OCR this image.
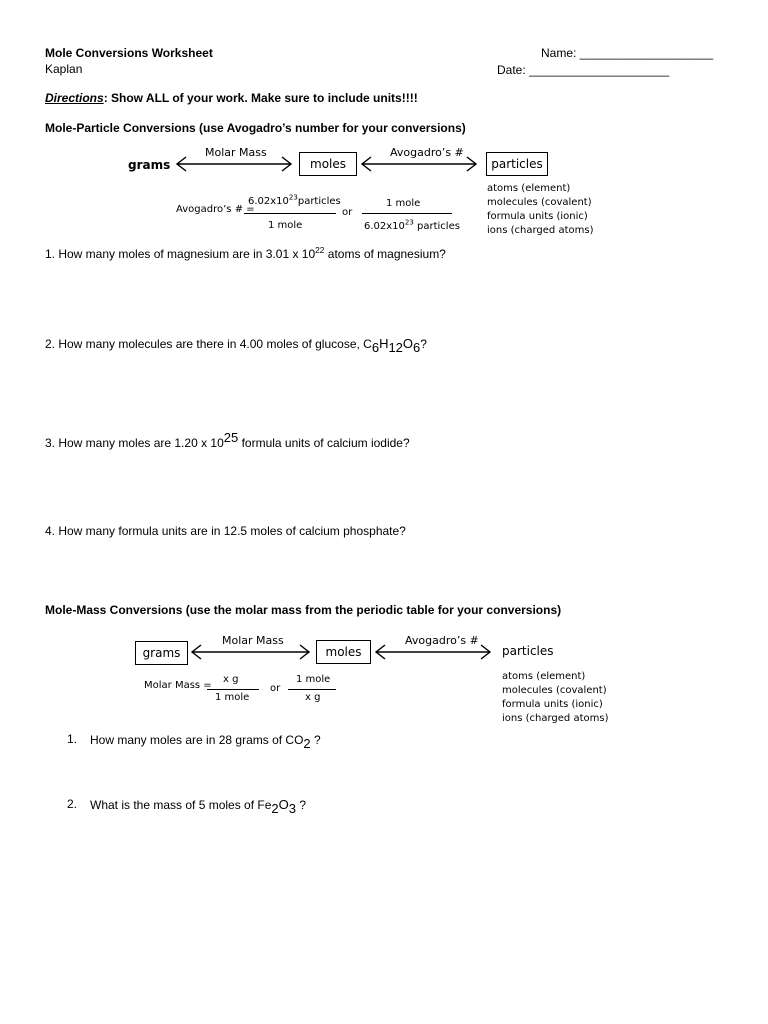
Mole Conversions Worksheet
Kaplan
Name: ____________________
Date: _____________________
Directions: Show ALL of your work. Make sure to include units!!!!
Mole-Particle Conversions (use Avogadro’s number for your conversions)
grams
Molar Mass
moles
Avogadro’s #
particles
atoms (element)
molecules (covalent)
formula units (ionic)
ions (charged atoms)
Avogadro’s # =
$6.02x10^{23}particles$
1 mole
or
1 mole
$6.02x10^{23}$ particles
1. How many moles of magnesium are in 3.01 x $10^{22}$ atoms of magnesium?
2. How many molecules are there in 4.00 moles of glucose, C6H12O6?
3. How many moles are 1.20 x 1025 formula units of calcium iodide?
4. How many formula units are in 12.5 moles of calcium phosphate?
Mole-Mass Conversions (use the molar mass from the periodic table for your conversions)
grams
Molar Mass
moles
Avogadro’s #
particles
atoms (element)
molecules (covalent)
formula units (ionic)
ions (charged atoms)
Molar Mass =
x g
1 mole
or
1 mole
x g
1. How many moles are in 28 grams of CO2 ?
2. What is the mass of 5 moles of Fe2O3 ?
